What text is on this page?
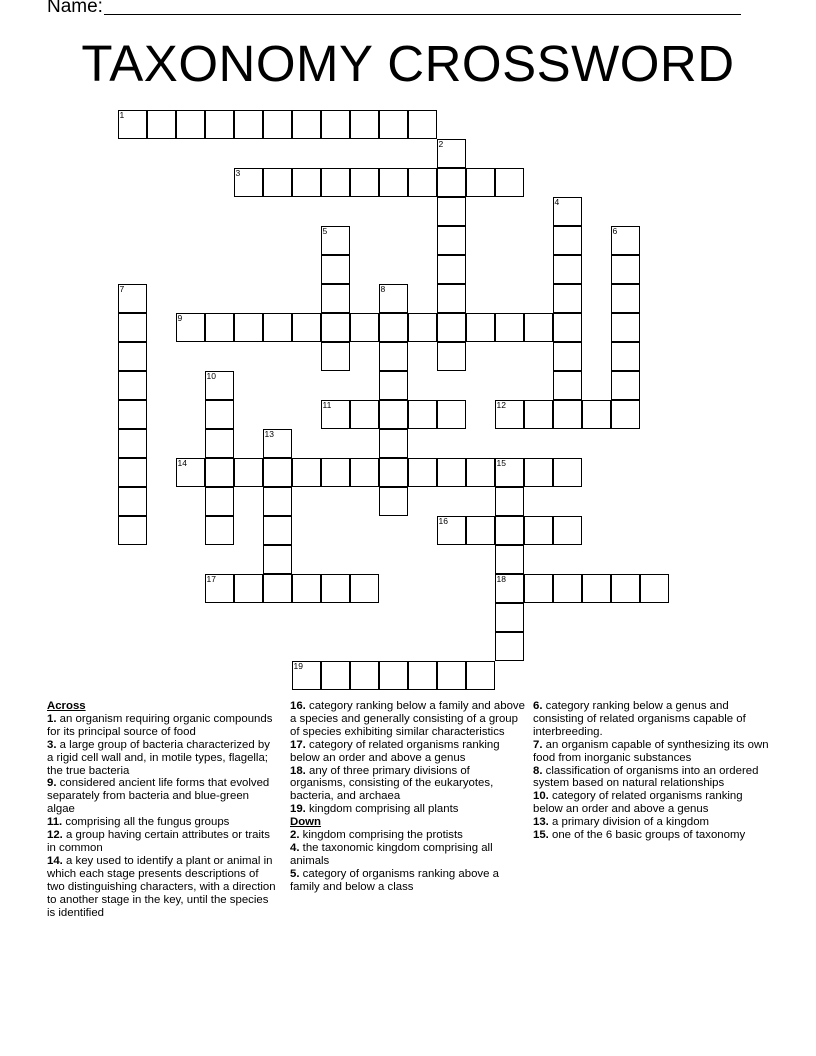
Name:
TAXONOMY CROSSWORD
1
2
3
4
5	6
7	8
9
10
11	12
13
14	15
18
16
17
19
Across
1. an organism requiring organic compounds for its principal source of food
3. a large group of bacteria characterized by a rigid cell wall and, in motile types, flagella; the true bacteria
9. considered ancient life forms that evolved separately from bacteria and blue-green algae
11. comprising all the fungus groups
12. a group having certain attributes or traits in common
14. a key used to identify a plant or animal in which each stage presents descriptions of two distinguishing characters, with a direction to another stage in the key, until the species is identified
16. category ranking below a family and above a species and generally consisting of a group of species exhibiting similar characteristics
17. category of related organisms ranking below an order and above a genus
18. any of three primary divisions of organisms, consisting of the eukaryotes, bacteria, and archaea
19. kingdom comprising all plants
Down
2. kingdom comprising the protists
4. the taxonomic kingdom comprising all animals
5. category of organisms ranking above a family and below a class
6. category ranking below a genus and consisting of related organisms capable of interbreeding.
7. an organism capable of synthesizing its own food from inorganic substances
8. classification of organisms into an ordered system based on natural relationships
10. category of related organisms ranking below an order and above a genus
13. a primary division of a kingdom
15. one of the 6 basic groups of taxonomy
